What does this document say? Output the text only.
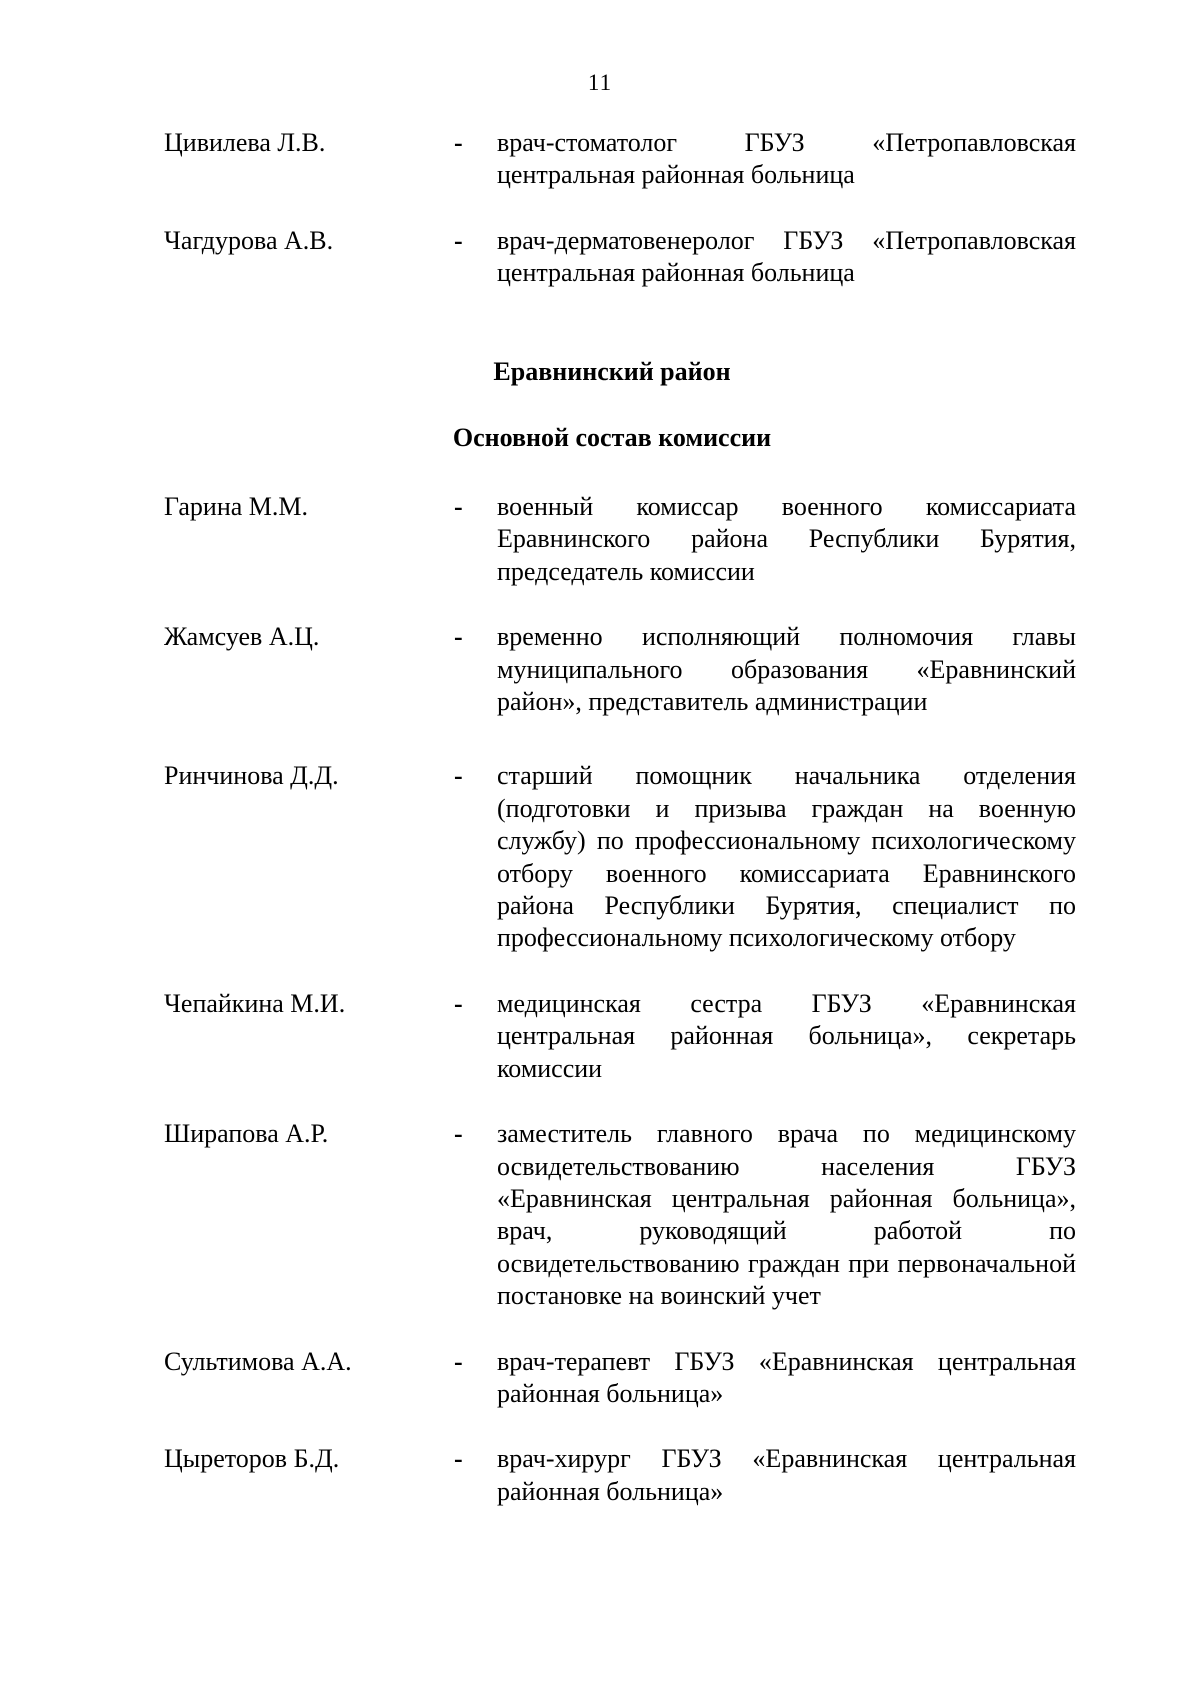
11
Цивилева Л.В.	-	врач-стоматолог ГБУЗ «Петропавловская центральная районная больница
Чагдурова А.В.	-	врач-дерматовенеролог ГБУЗ «Петропавловская центральная районная больница
Еравнинский район
Основной состав комиссии
Гарина М.М.	-	военный комиссар военного комиссариата Еравнинского района Республики Бурятия, председатель комиссии
Жамсуев А.Ц.	-	временно исполняющий полномочия главы муниципального образования «Еравнинский район», представитель администрации
Ринчинова Д.Д.	-	старший помощник начальника отделения (подготовки и призыва граждан на военную службу) по профессиональному психологическому отбору военного комиссариата Еравнинского района Республики Бурятия, специалист по профессиональному психологическому отбору
Чепайкина М.И.	-	медицинская сестра ГБУЗ «Еравнинская центральная районная больница», секретарь комиссии
Ширапова А.Р.	-	заместитель главного врача по медицинскому освидетельствованию населения ГБУЗ «Еравнинская центральная районная больница», врач, руководящий работой по освидетельствованию граждан при первоначальной постановке на воинский учет
Сультимова А.А.	-	врач-терапевт ГБУЗ «Еравнинская центральная районная больница»
Цыреторов Б.Д.	-	врач-хирург ГБУЗ «Еравнинская центральная районная больница»
